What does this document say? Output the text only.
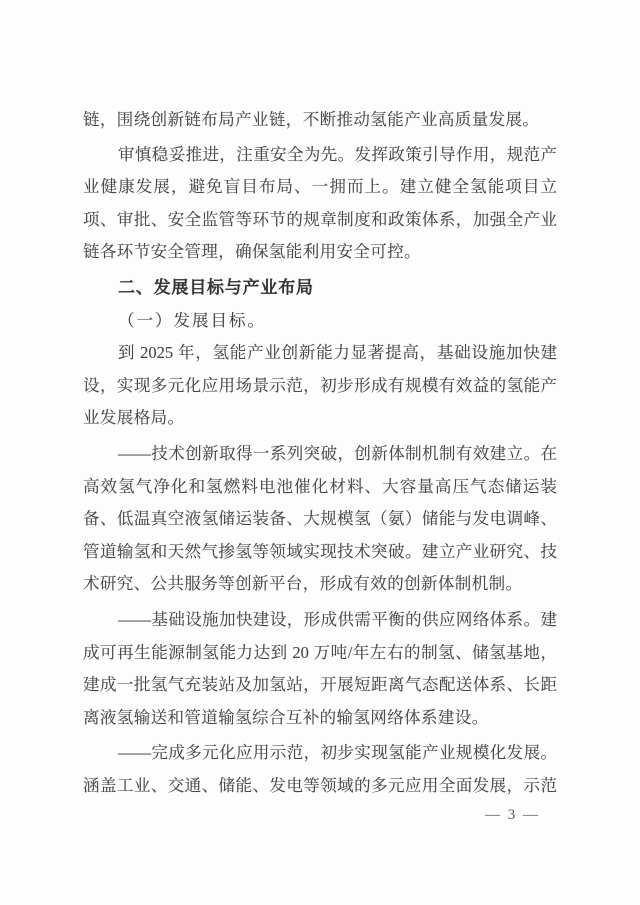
链，围绕创新链布局产业链，不断推动氢能产业高质量发展。
审慎稳妥推进，注重安全为先。发挥政策引导作用，规范产
业健康发展，避免盲目布局、一拥而上。建立健全氢能项目立
项、审批、安全监管等环节的规章制度和政策体系，加强全产业
链各环节安全管理，确保氢能利用安全可控。
二、发展目标与产业布局
（一）发展目标。
到 2025 年，氢能产业创新能力显著提高，基础设施加快建
设，实现多元化应用场景示范，初步形成有规模有效益的氢能产
业发展格局。
——技术创新取得一系列突破，创新体制机制有效建立。在
高效氢气净化和氢燃料电池催化材料、大容量高压气态储运装
备、低温真空液氢储运装备、大规模氢（氨）储能与发电调峰、
管道输氢和天然气掺氢等领域实现技术突破。建立产业研究、技
术研究、公共服务等创新平台，形成有效的创新体制机制。
——基础设施加快建设，形成供需平衡的供应网络体系。建
成可再生能源制氢能力达到 20 万吨/年左右的制氢、储氢基地，
建成一批氢气充装站及加氢站，开展短距离气态配送体系、长距
离液氢输送和管道输氢综合互补的输氢网络体系建设。
——完成多元化应用示范，初步实现氢能产业规模化发展。
涵盖工业、交通、储能、发电等领域的多元应用全面发展，示范
— 3 —
